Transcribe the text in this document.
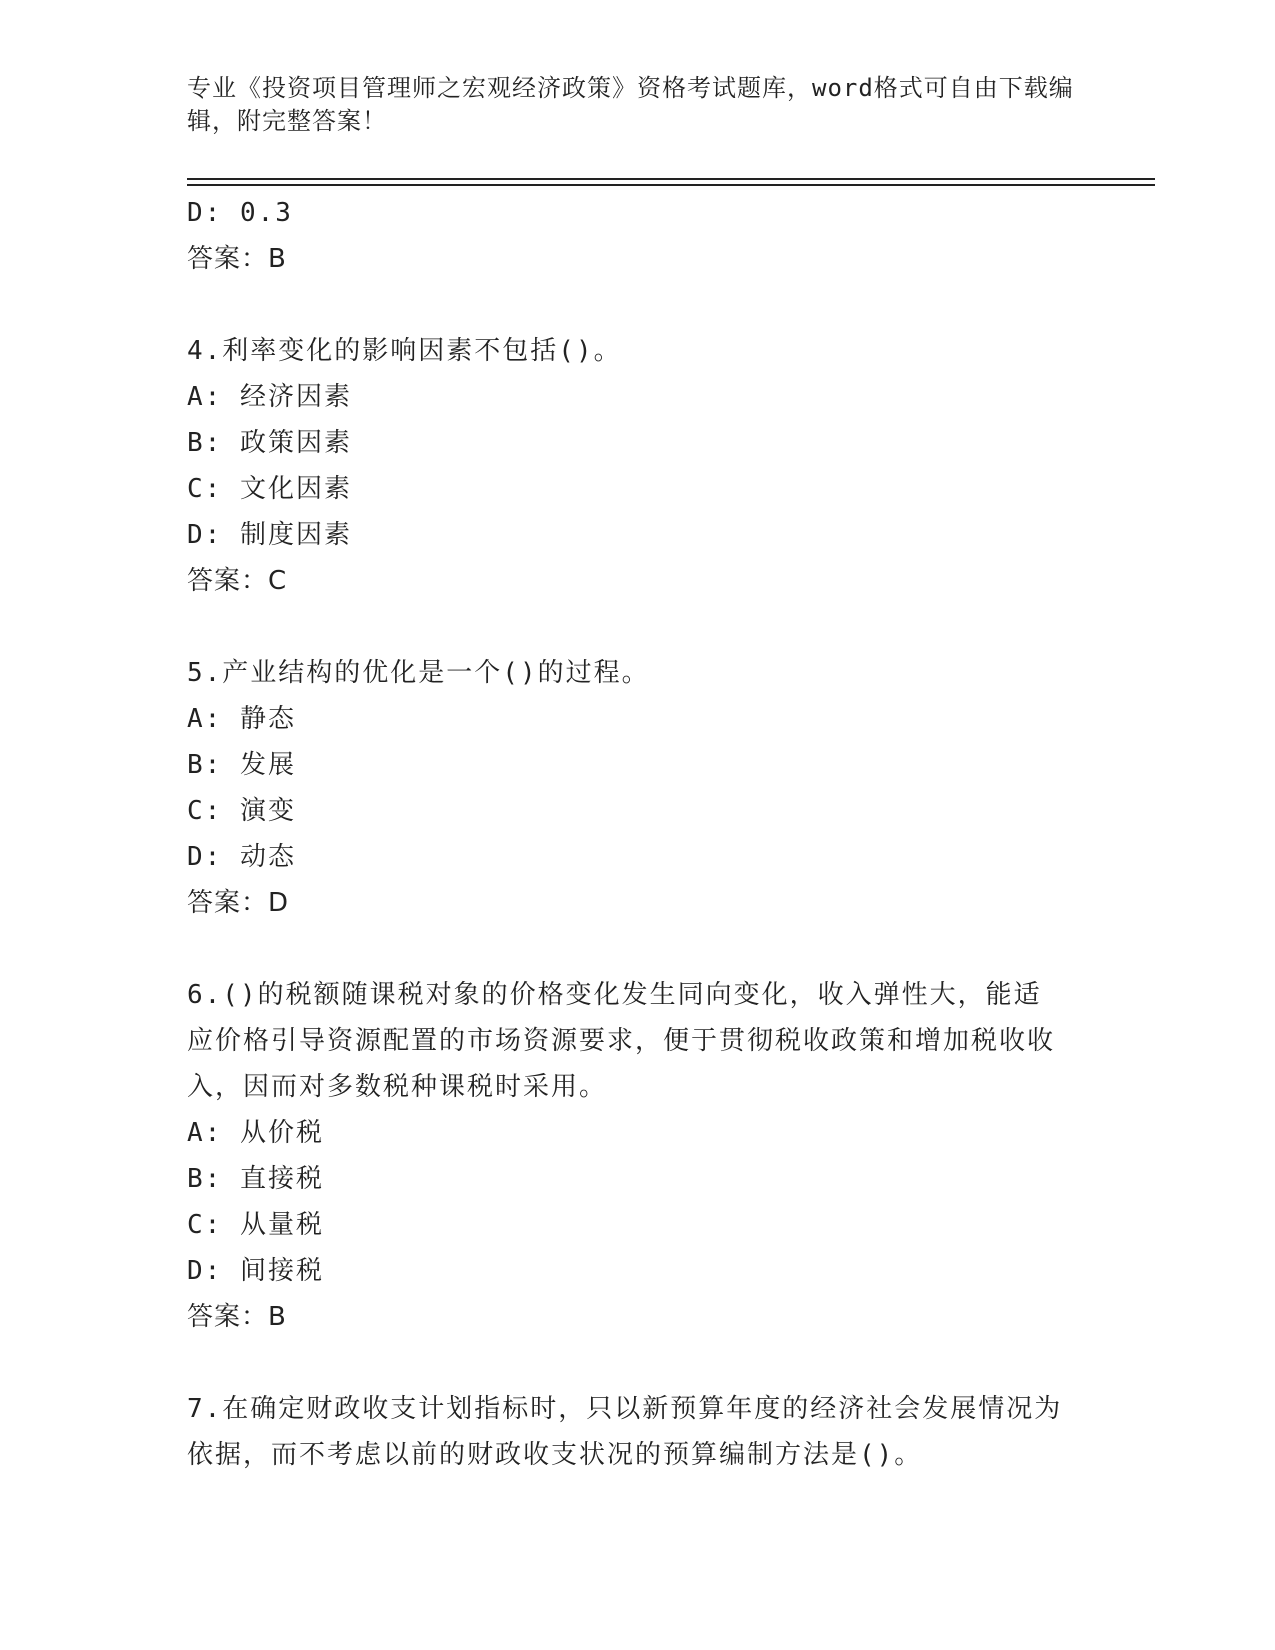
专业《投资项目管理师之宏观经济政策》资格考试题库，word格式可自由下载编辑，附完整答案！
D: 0.3
答案：B
4.利率变化的影响因素不包括()。
A: 经济因素
B: 政策因素
C: 文化因素
D: 制度因素
答案：C
5.产业结构的优化是一个()的过程。
A: 静态
B: 发展
C: 演变
D: 动态
答案：D
6.()的税额随课税对象的价格变化发生同向变化，收入弹性大，能适应价格引导资源配置的市场资源要求，便于贯彻税收政策和增加税收收入，因而对多数税种课税时采用。
A: 从价税
B: 直接税
C: 从量税
D: 间接税
答案：B
7.在确定财政收支计划指标时，只以新预算年度的经济社会发展情况为依据，而不考虑以前的财政收支状况的预算编制方法是()。
